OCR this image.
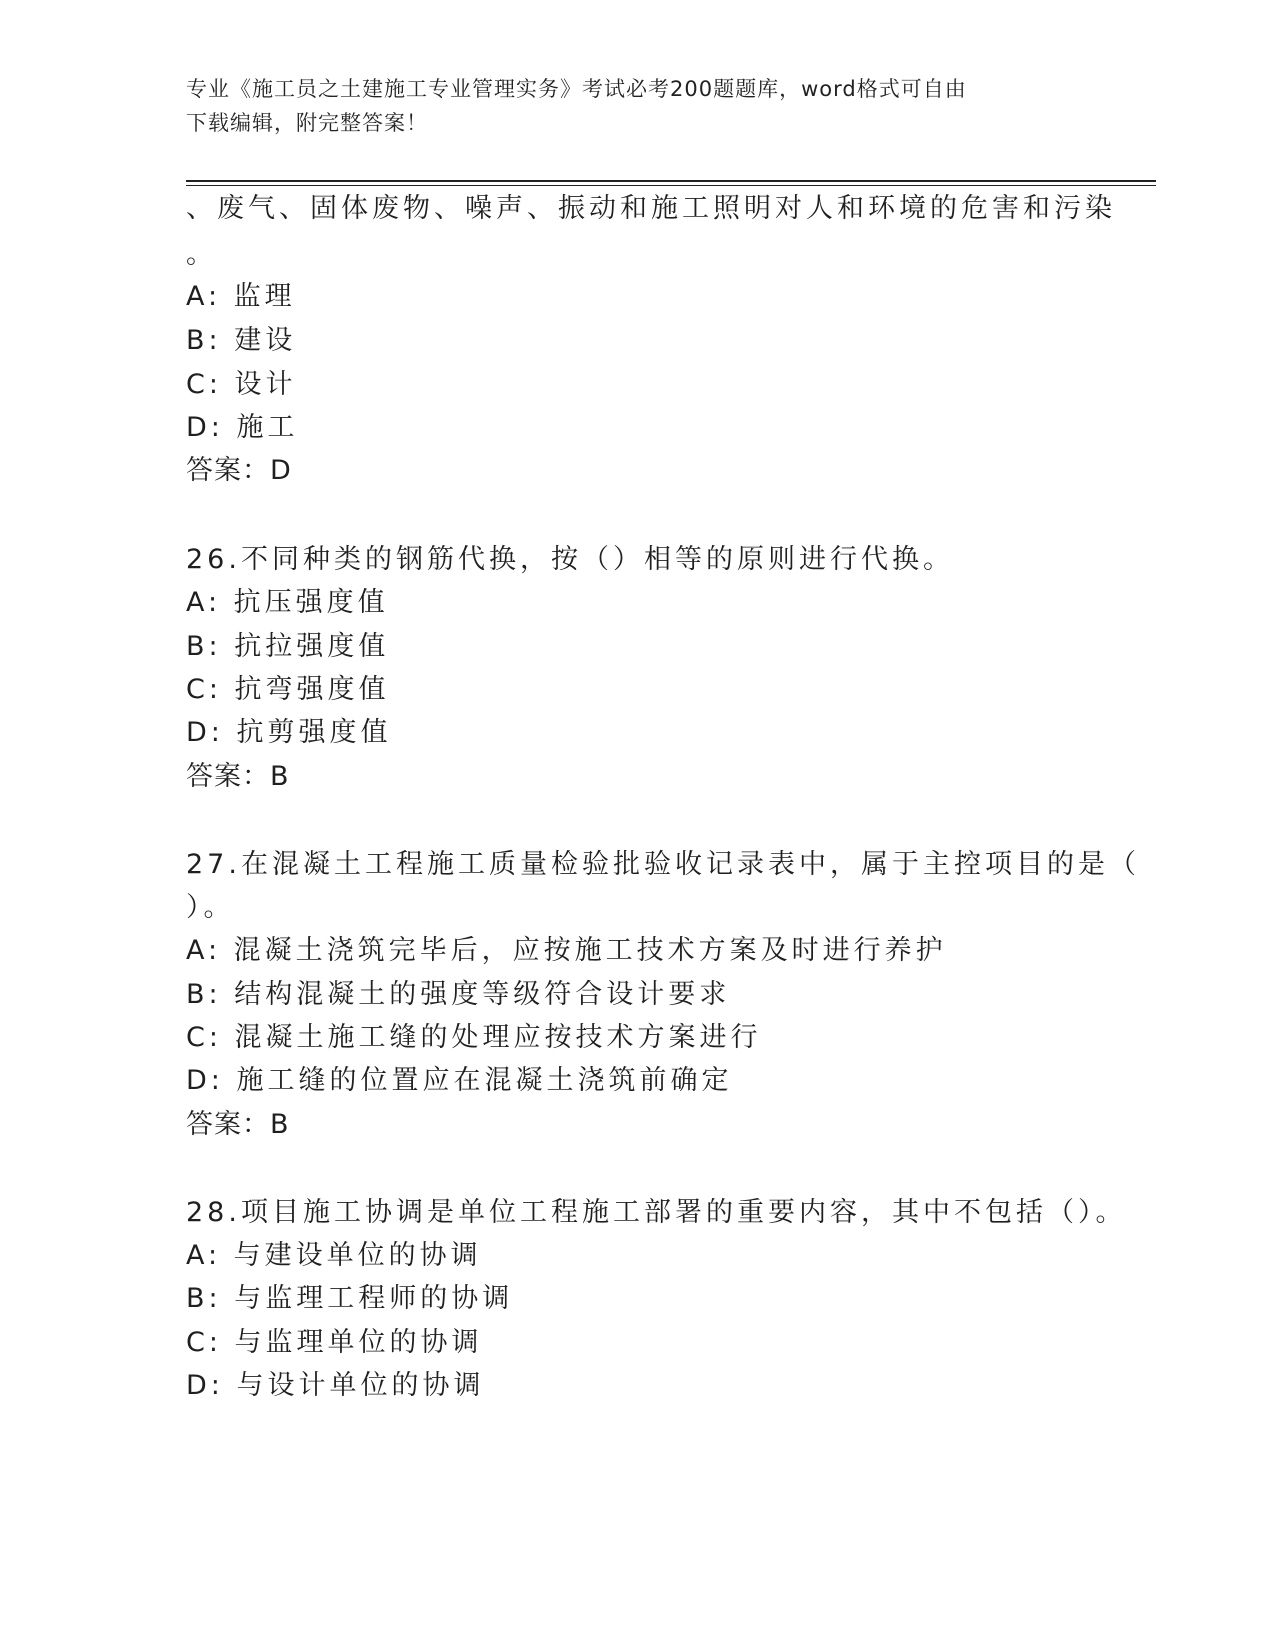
专业《施工员之土建施工专业管理实务》考试必考200题题库，word格式可自由
下载编辑，附完整答案！
、废气、固体废物、噪声、振动和施工照明对人和环境的危害和污染
。
A: 监理
B: 建设
C: 设计
D: 施工
答案：D
26.不同种类的钢筋代换，按（）相等的原则进行代换。
A: 抗压强度值
B: 抗拉强度值
C: 抗弯强度值
D: 抗剪强度值
答案：B
27.在混凝土工程施工质量检验批验收记录表中，属于主控项目的是（
）。
A: 混凝土浇筑完毕后，应按施工技术方案及时进行养护
B: 结构混凝土的强度等级符合设计要求
C: 混凝土施工缝的处理应按技术方案进行
D: 施工缝的位置应在混凝土浇筑前确定
答案：B
28.项目施工协调是单位工程施工部署的重要内容，其中不包括（）。
A: 与建设单位的协调
B: 与监理工程师的协调
C: 与监理单位的协调
D: 与设计单位的协调
